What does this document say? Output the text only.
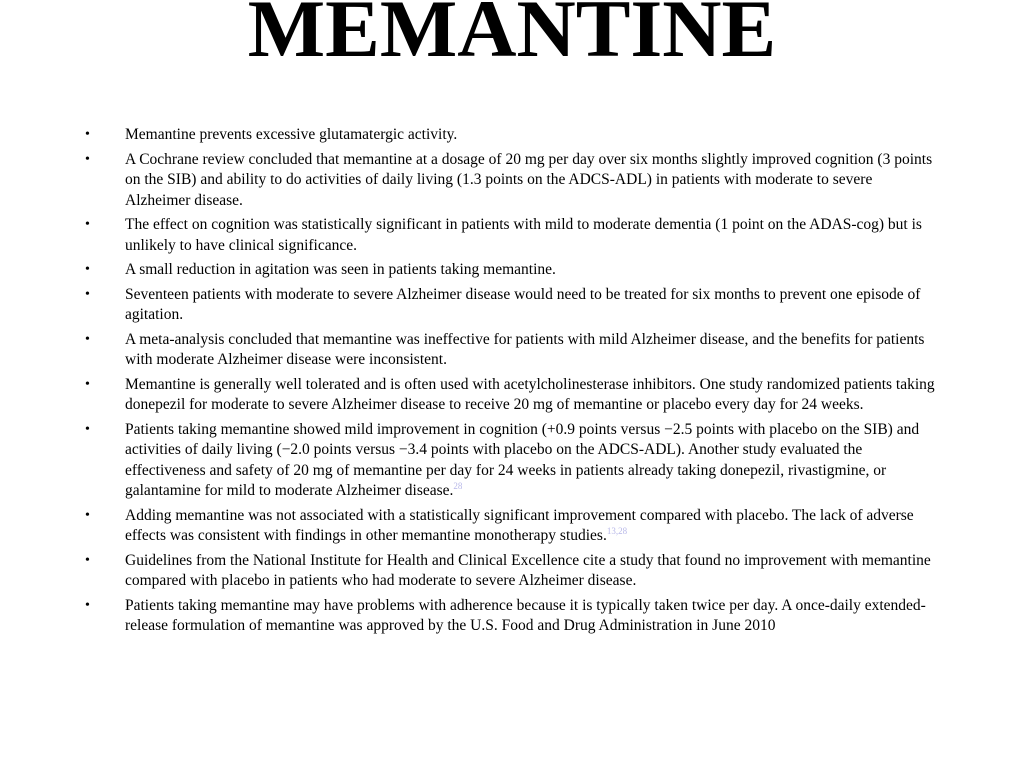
MEMANTINE
•	Memantine prevents excessive glutamatergic activity.
•	A Cochrane review concluded that memantine at a dosage of 20 mg per day over six months slightly improved cognition (3 points on the SIB) and ability to do activities of daily living (1.3 points on the ADCS-ADL) in patients with moderate to severe Alzheimer disease.
•	The effect on cognition was statistically significant in patients with mild to moderate dementia (1 point on the ADAS-cog) but is unlikely to have clinical significance.
•	A small reduction in agitation was seen in patients taking memantine.
•	Seventeen patients with moderate to severe Alzheimer disease would need to be treated for six months to prevent one episode of agitation.
•	A meta-analysis concluded that memantine was ineffective for patients with mild Alzheimer disease, and the benefits for patients with moderate Alzheimer disease were inconsistent.
•	Memantine is generally well tolerated and is often used with acetylcholinesterase inhibitors. One study randomized patients taking donepezil for moderate to severe Alzheimer disease to receive 20 mg of memantine or placebo every day for 24 weeks.
•	Patients taking memantine showed mild improvement in cognition (+0.9 points versus −2.5 points with placebo on the SIB) and activities of daily living (−2.0 points versus −3.4 points with placebo on the ADCS-ADL). Another study evaluated the effectiveness and safety of 20 mg of memantine per day for 24 weeks in patients already taking donepezil, rivastigmine, or galantamine for mild to moderate Alzheimer disease.$^{28}$
•	Adding memantine was not associated with a statistically significant improvement compared with placebo. The lack of adverse effects was consistent with findings in other memantine monotherapy studies.$^{13,28}$
•	Guidelines from the National Institute for Health and Clinical Excellence cite a study that found no improvement with memantine compared with placebo in patients who had moderate to severe Alzheimer disease.
•	Patients taking memantine may have problems with adherence because it is typically taken twice per day. A once-daily extended-release formulation of memantine was approved by the U.S. Food and Drug Administration in June 2010
